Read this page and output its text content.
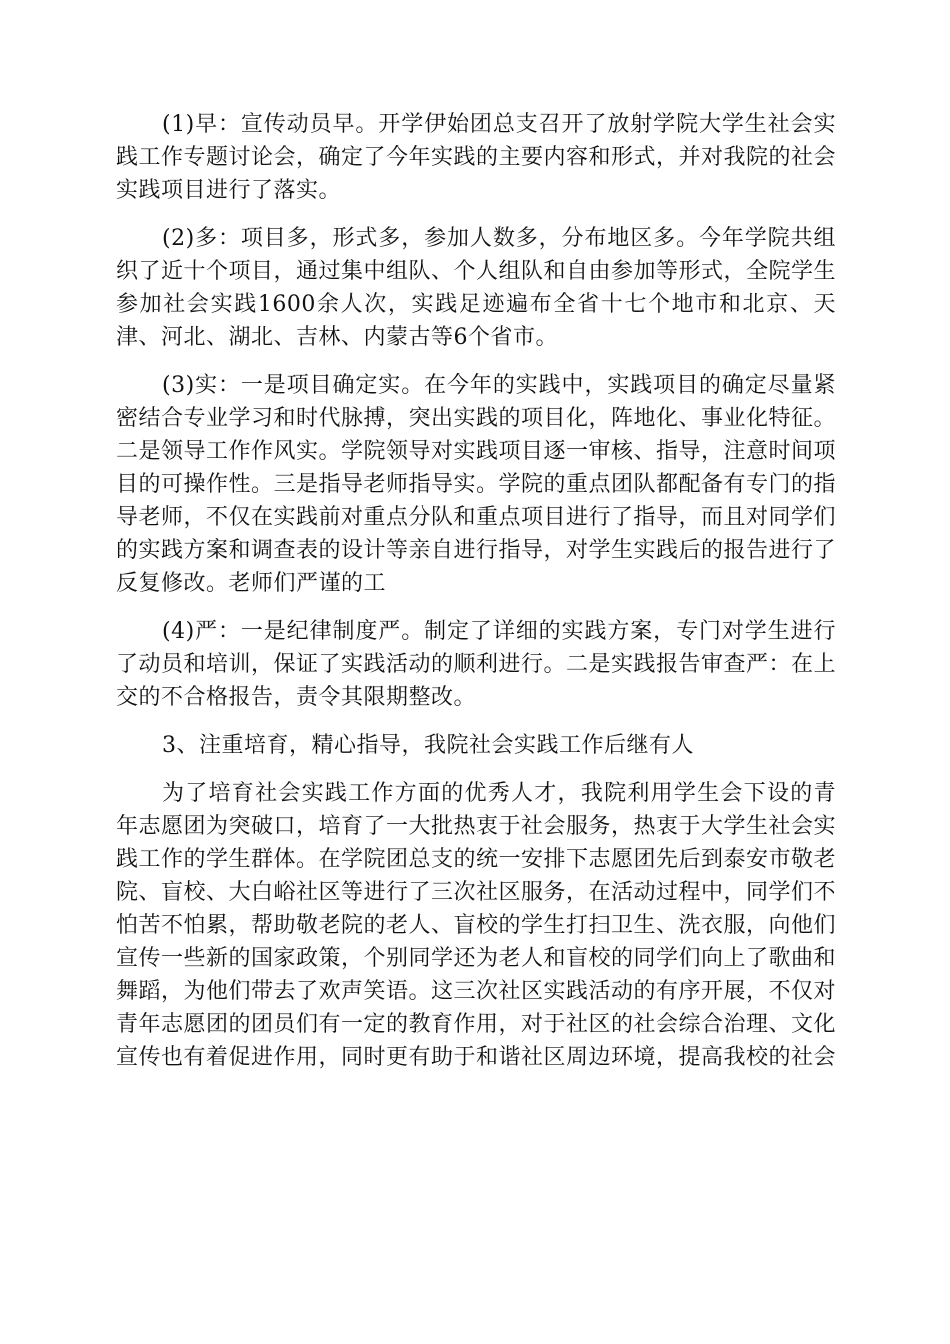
(1)早：宣传动员早。开学伊始团总支召开了放射学院大学生社会实践工作专题讨论会，确定了今年实践的主要内容和形式，并对我院的社会实践项目进行了落实。

(2)多：项目多，形式多，参加人数多，分布地区多。今年学院共组织了近十个项目，通过集中组队、个人组队和自由参加等形式，全院学生参加社会实践1600余人次，实践足迹遍布全省十七个地市和北京、天津、河北、湖北、吉林、内蒙古等6个省市。

(3)实：一是项目确定实。在今年的实践中，实践项目的确定尽量紧密结合专业学习和时代脉搏，突出实践的项目化，阵地化、事业化特征。二是领导工作作风实。学院领导对实践项目逐一审核、指导，注意时间项目的可操作性。三是指导老师指导实。学院的重点团队都配备有专门的指导老师，不仅在实践前对重点分队和重点项目进行了指导，而且对同学们的实践方案和调查表的设计等亲自进行指导，对学生实践后的报告进行了反复修改。老师们严谨的工

(4)严：一是纪律制度严。制定了详细的实践方案，专门对学生进行了动员和培训，保证了实践活动的顺利进行。二是实践报告审查严：在上交的不合格报告，责令其限期整改。

3、注重培育，精心指导，我院社会实践工作后继有人

为了培育社会实践工作方面的优秀人才，我院利用学生会下设的青年志愿团为突破口，培育了一大批热衷于社会服务，热衷于大学生社会实践工作的学生群体。在学院团总支的统一安排下志愿团先后到泰安市敬老院、盲校、大白峪社区等进行了三次社区服务，在活动过程中，同学们不怕苦不怕累，帮助敬老院的老人、盲校的学生打扫卫生、洗衣服，向他们宣传一些新的国家政策，个别同学还为老人和盲校的同学们向上了歌曲和舞蹈，为他们带去了欢声笑语。这三次社区实践活动的有序开展，不仅对青年志愿团的团员们有一定的教育作用，对于社区的社会综合治理、文化宣传也有着促进作用，同时更有助于和谐社区周边环境，提高我校的社会
